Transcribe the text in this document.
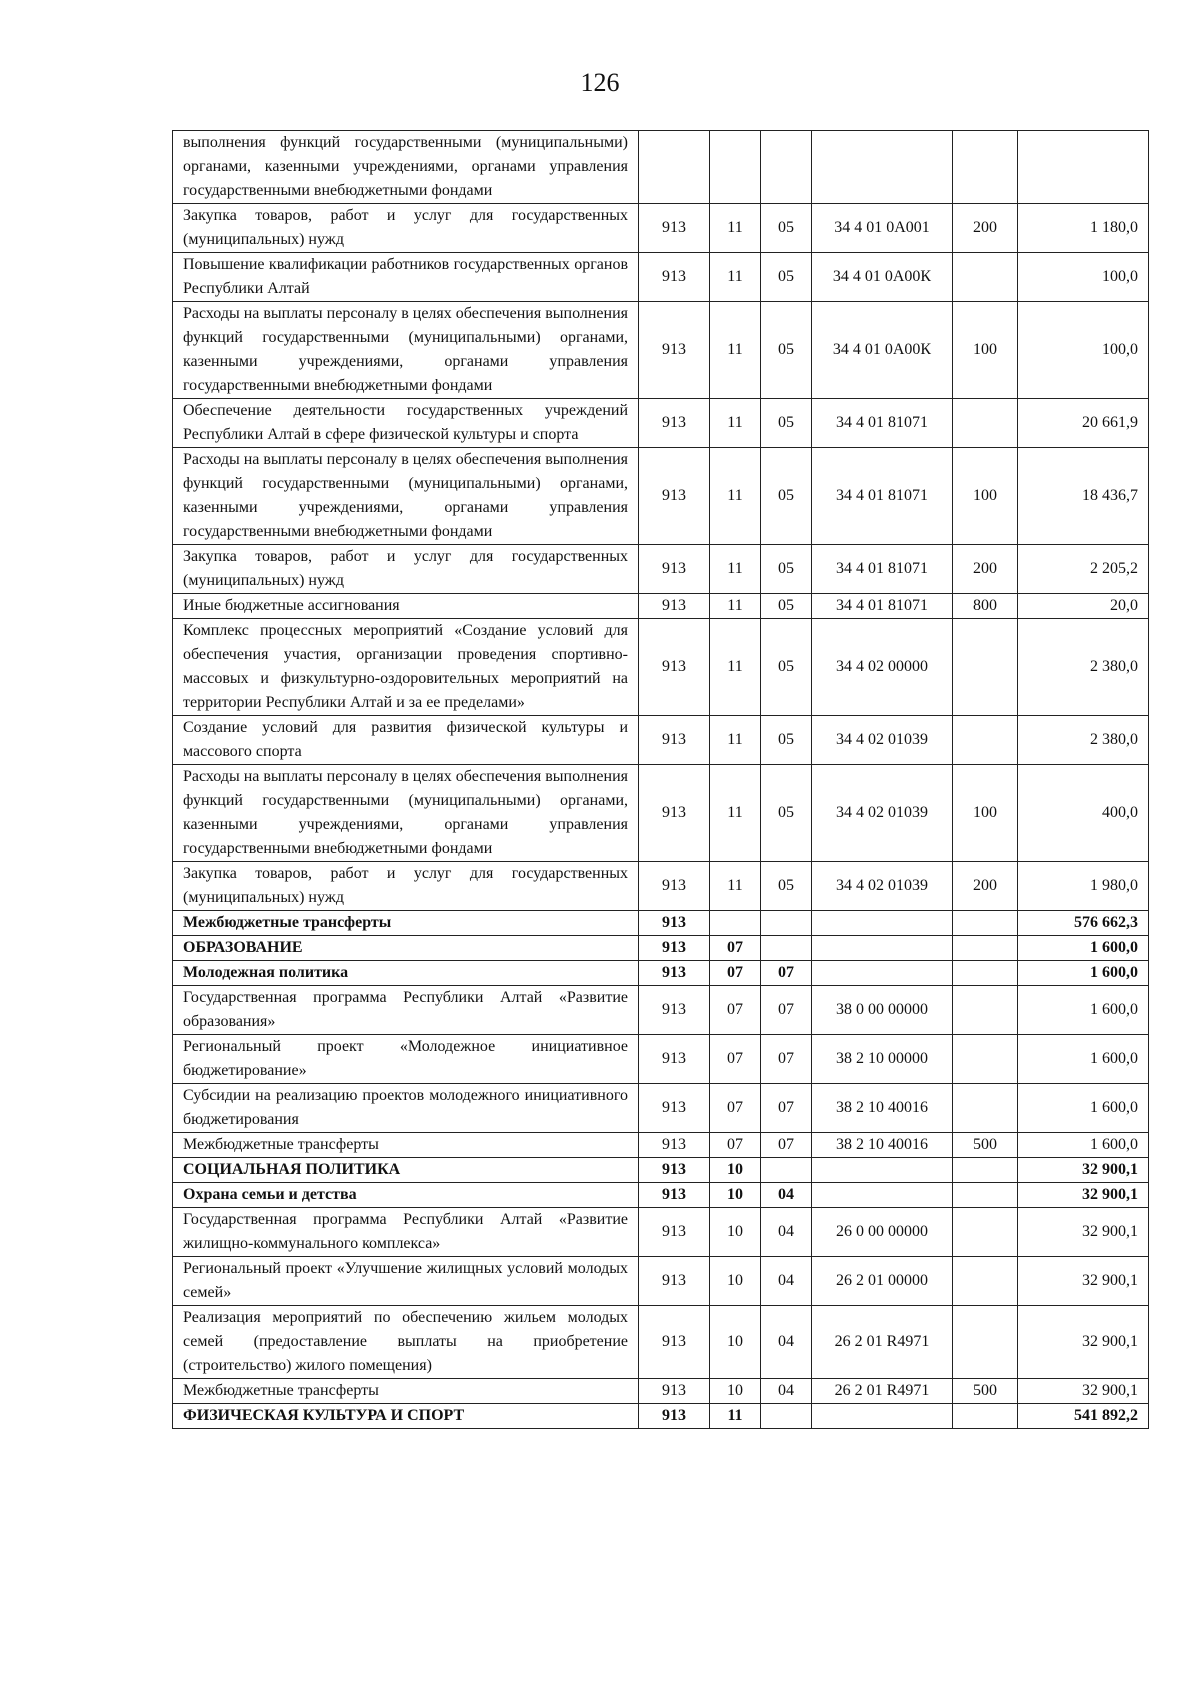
126
выполнения функций государственными (муниципальными) органами, казенными учреждениями, органами управления государственными внебюджетными фондами						
Закупка товаров, работ и услуг для государственных (муниципальных) нужд	913	11	05	34 4 01 0А001	200	1 180,0
Повышение квалификации работников государственных органов Республики Алтай	913	11	05	34 4 01 0А00К		100,0
Расходы на выплаты персоналу в целях обеспечения выполнения функций государственными (муниципальными) органами, казенными учреждениями, органами управления государственными внебюджетными фондами	913	11	05	34 4 01 0А00К	100	100,0
Обеспечение деятельности государственных учреждений Республики Алтай в сфере физической культуры и спорта	913	11	05	34 4 01 81071		20 661,9
Расходы на выплаты персоналу в целях обеспечения выполнения функций государственными (муниципальными) органами, казенными учреждениями, органами управления государственными внебюджетными фондами	913	11	05	34 4 01 81071	100	18 436,7
Закупка товаров, работ и услуг для государственных (муниципальных) нужд	913	11	05	34 4 01 81071	200	2 205,2
Иные бюджетные ассигнования	913	11	05	34 4 01 81071	800	20,0
Комплекс процессных мероприятий «Создание условий для обеспечения участия, организации проведения спортивно-массовых и физкультурно-оздоровительных мероприятий на территории Республики Алтай и за ее пределами»	913	11	05	34 4 02 00000		2 380,0
Создание условий для развития физической культуры и массового спорта	913	11	05	34 4 02 01039		2 380,0
Расходы на выплаты персоналу в целях обеспечения выполнения функций государственными (муниципальными) органами, казенными учреждениями, органами управления государственными внебюджетными фондами	913	11	05	34 4 02 01039	100	400,0
Закупка товаров, работ и услуг для государственных (муниципальных) нужд	913	11	05	34 4 02 01039	200	1 980,0
Межбюджетные трансферты	913					576 662,3
ОБРАЗОВАНИЕ	913	07				1 600,0
Молодежная политика	913	07	07			1 600,0
Государственная программа Республики Алтай «Развитие образования»	913	07	07	38 0 00 00000		1 600,0
Региональный проект «Молодежное инициативное бюджетирование»	913	07	07	38 2 10 00000		1 600,0
Субсидии на реализацию проектов молодежного инициативного бюджетирования	913	07	07	38 2 10 40016		1 600,0
Межбюджетные трансферты	913	07	07	38 2 10 40016	500	1 600,0
СОЦИАЛЬНАЯ ПОЛИТИКА	913	10				32 900,1
Охрана семьи и детства	913	10	04			32 900,1
Государственная программа Республики Алтай «Развитие жилищно-коммунального комплекса»	913	10	04	26 0 00 00000		32 900,1
Региональный проект «Улучшение жилищных условий молодых семей»	913	10	04	26 2 01 00000		32 900,1
Реализация мероприятий по обеспечению жильем молодых семей (предоставление выплаты на приобретение (строительство) жилого помещения)	913	10	04	26 2 01 R4971		32 900,1
Межбюджетные трансферты	913	10	04	26 2 01 R4971	500	32 900,1
ФИЗИЧЕСКАЯ КУЛЬТУРА И СПОРТ	913	11				541 892,2
